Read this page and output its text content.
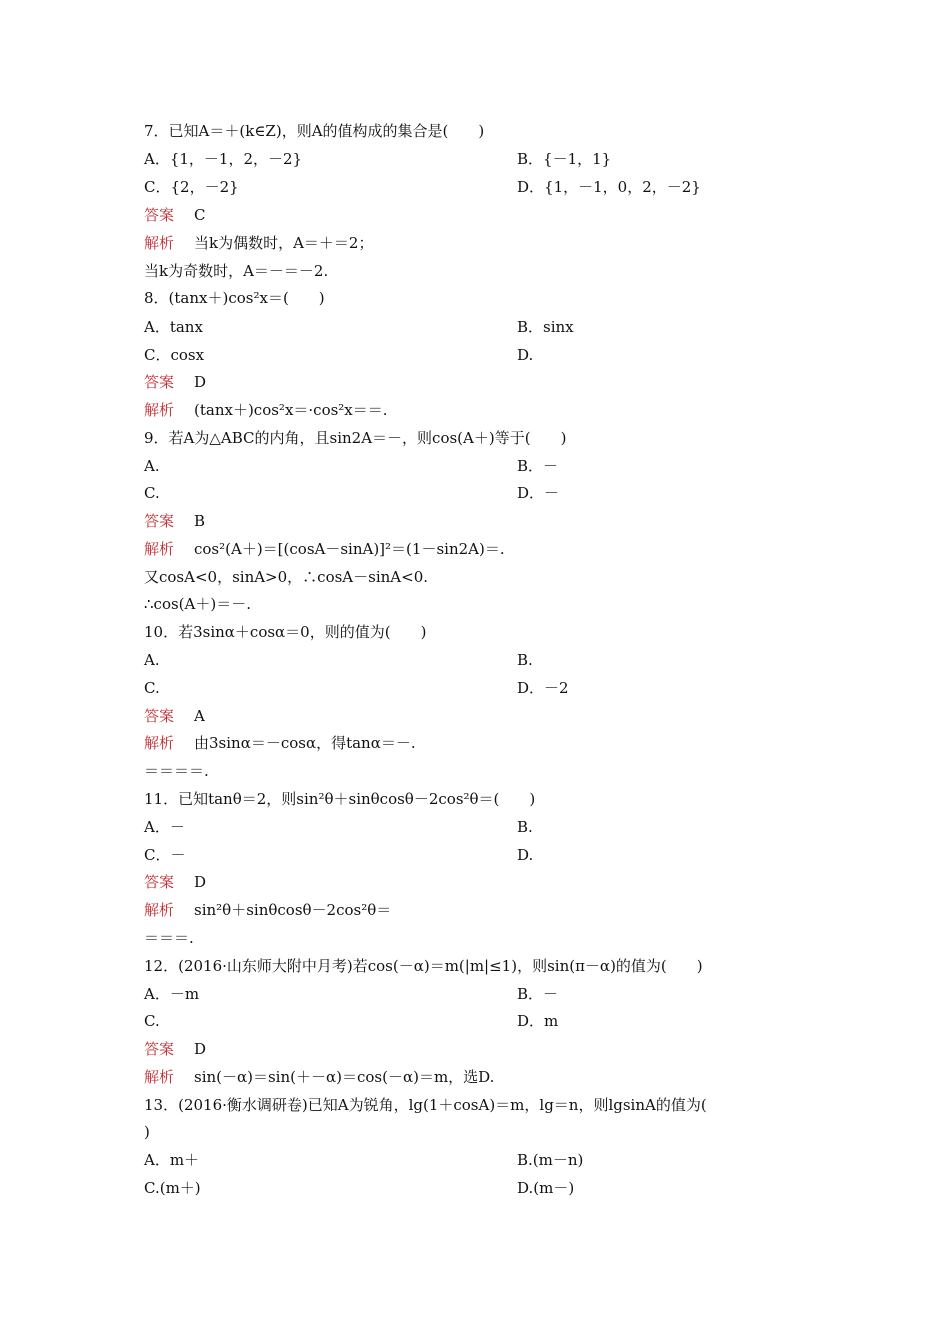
7．已知A＝＋(k∈Z)，则A的值构成的集合是(　　)
A．{1，－1，2，－2}	B．{－1，1}
C．{2，－2}	D．{1，－1，0，2，－2}
答案 C
解析 当k为偶数时，A＝＋＝2；
当k为奇数时，A＝－＝－2.
8．(tanx＋)cos²x＝(　　)
A．tanx	B．sinx
C．cosx	D.
答案 D
解析 (tanx＋)cos²x＝·cos²x＝＝.
9．若A为△ABC的内角，且sin2A＝－，则cos(A＋)等于(　　)
A.	B．－
C.	D．－
答案 B
解析 cos²(A＋)＝[(cosA－sinA)]²＝(1－sin2A)＝.
又cosA<0，sinA>0，∴cosA－sinA<0.
∴cos(A＋)＝－.
10．若3sinα＋cosα＝0，则的值为(　　)
A.	B.
C.	D．－2
答案 A
解析 由3sinα＝－cosα，得tanα＝－.
＝＝＝＝.
11．已知tanθ＝2，则sin²θ＋sinθcosθ－2cos²θ＝(　　)
A．－	B.
C．－	D.
答案 D
解析 sin²θ＋sinθcosθ－2cos²θ＝
＝＝＝.
12．(2016·山东师大附中月考)若cos(－α)＝m(|m|≤1)，则sin(π－α)的值为(　　)
A．－m	B．－
C.	D．m
答案 D
解析 sin(－α)＝sin(＋－α)＝cos(－α)＝m，选D.
13．(2016·衡水调研卷)已知A为锐角，lg(1＋cosA)＝m，lg＝n，则lgsinA的值为(
)
A．m＋	B.(m－n)
C.(m＋)	D.(m－)
